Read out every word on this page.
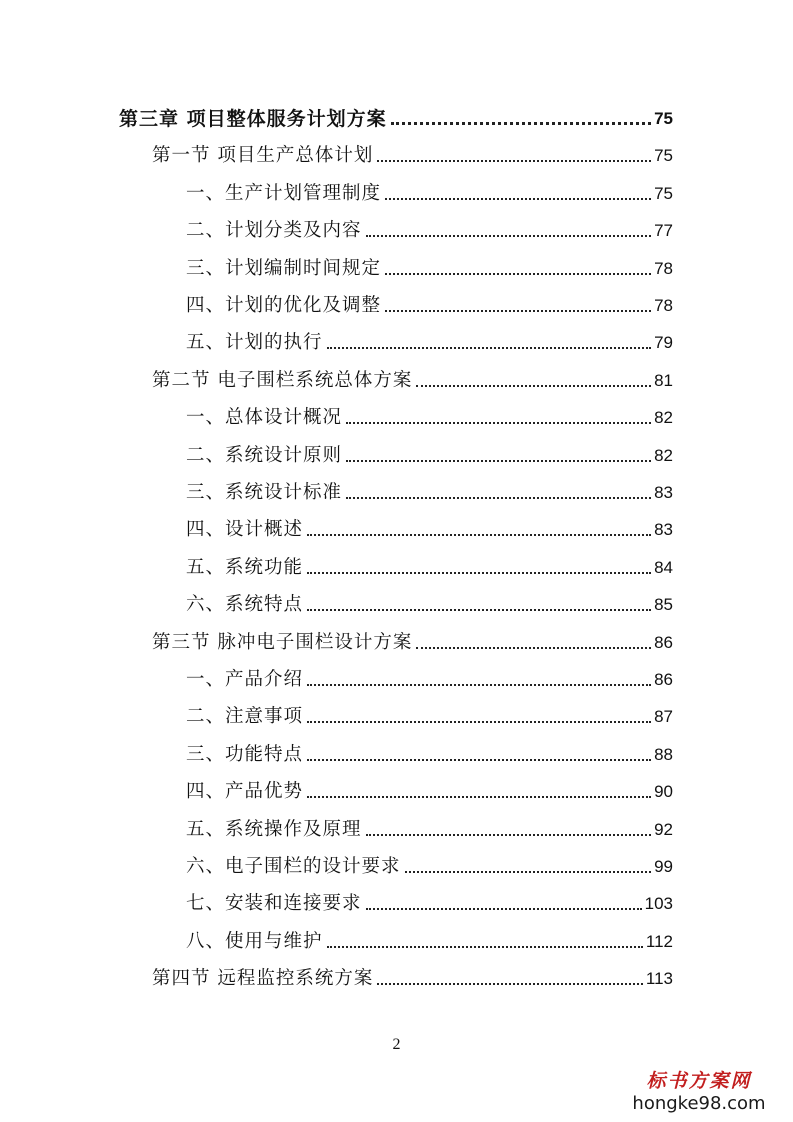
第三章 项目整体服务计划方案	75
第一节 项目生产总体计划	75
一、生产计划管理制度	75
二、计划分类及内容	77
三、计划编制时间规定	78
四、计划的优化及调整	78
五、计划的执行	79
第二节 电子围栏系统总体方案	81
一、总体设计概况	82
二、系统设计原则	82
三、系统设计标准	83
四、设计概述	83
五、系统功能	84
六、系统特点	85
第三节 脉冲电子围栏设计方案	86
一、产品介绍	86
二、注意事项	87
三、功能特点	88
四、产品优势	90
五、系统操作及原理	92
六、电子围栏的设计要求	99
七、安装和连接要求	103
八、使用与维护	112
第四节 远程监控系统方案	113
2
标书方案网
hongke98.com
